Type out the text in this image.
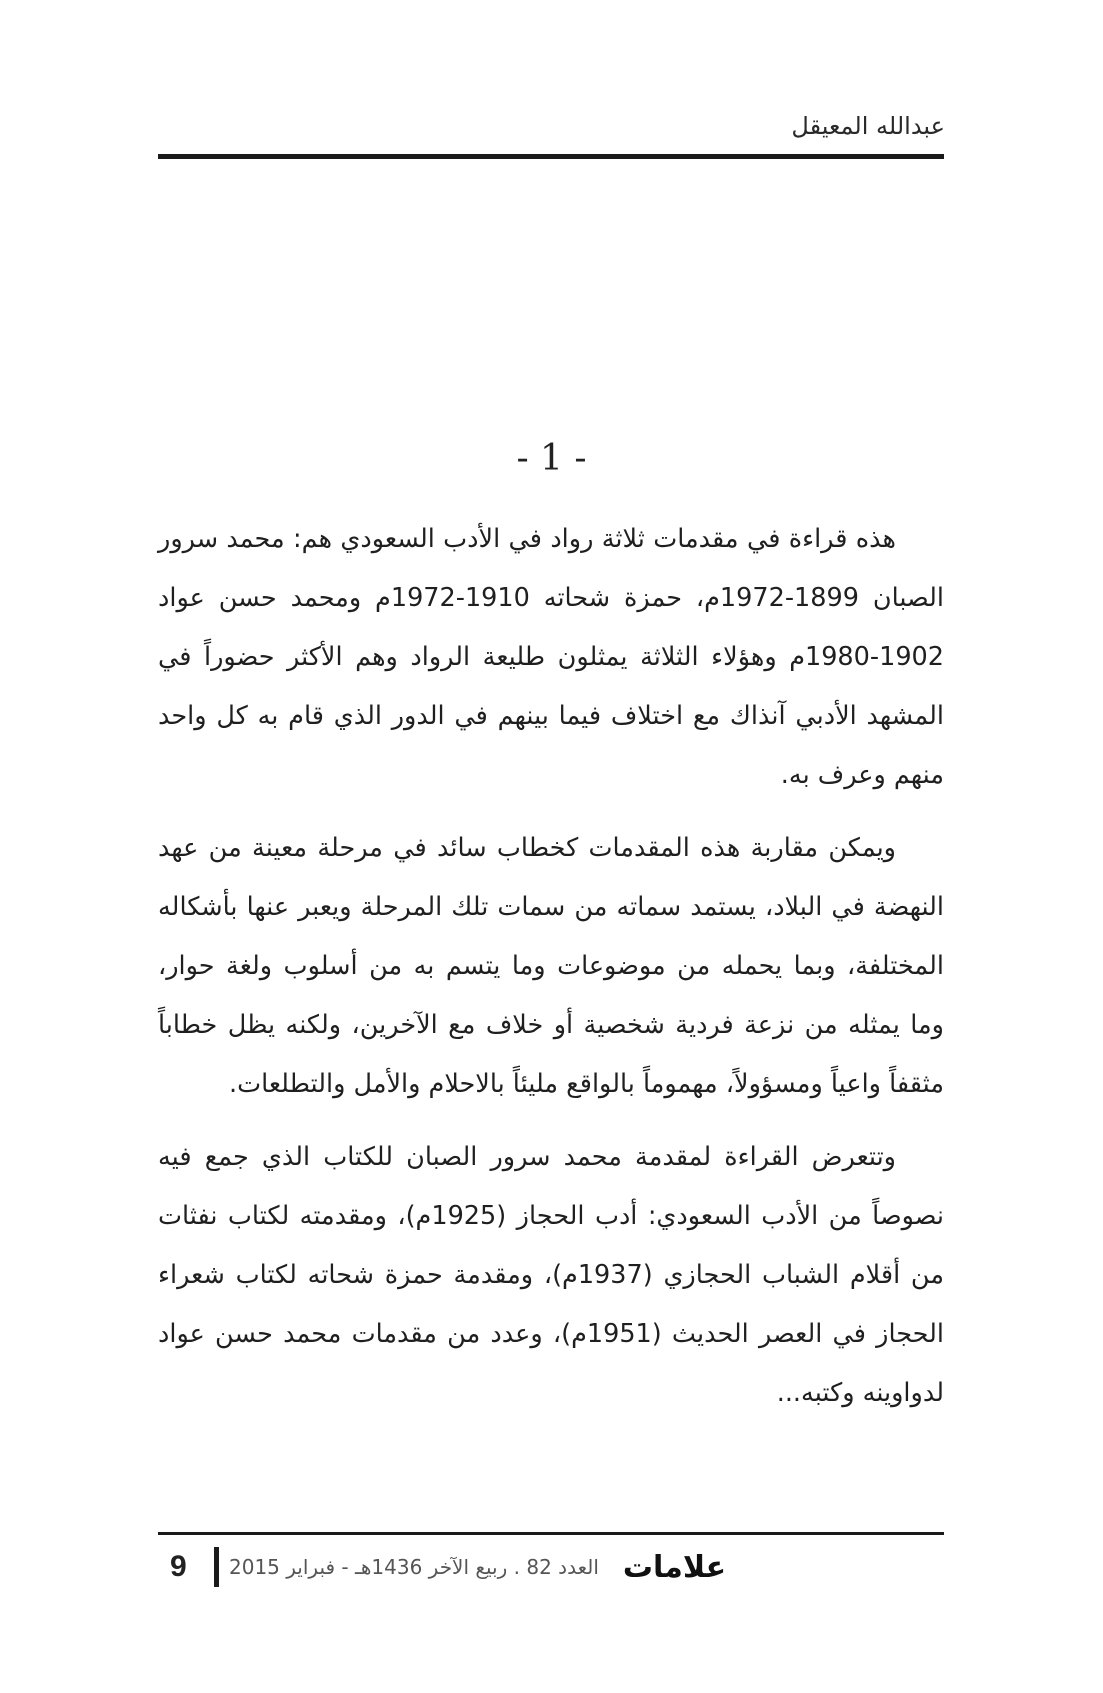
عبدالله المعيقل
- 1 -

هذه قراءة في مقدمات ثلاثة رواد في الأدب السعودي هم: محمد سرور الصبان 1899-1972م، حمزة شحاته 1910-1972م ومحمد حسن عواد 1902-1980م وهؤلاء الثلاثة يمثلون طليعة الرواد وهم الأكثر حضوراً في المشهد الأدبي آنذاك مع اختلاف فيما بينهم في الدور الذي قام به كل واحد منهم وعرف به.

ويمكن مقاربة هذه المقدمات كخطاب سائد في مرحلة معينة من عهد النهضة في البلاد، يستمد سماته من سمات تلك المرحلة ويعبر عنها بأشكاله المختلفة، وبما يحمله من موضوعات وما يتسم به من أسلوب ولغة حوار، وما يمثله من نزعة فردية شخصية أو خلاف مع الآخرين، ولكنه يظل خطاباً مثقفاً واعياً ومسؤولاً، مهموماً بالواقع مليئاً بالاحلام والأمل والتطلعات.

وتتعرض القراءة لمقدمة محمد سرور الصبان للكتاب الذي جمع فيه نصوصاً من الأدب السعودي: أدب الحجاز (1925م)، ومقدمته لكتاب نفثات من أقلام الشباب الحجازي (1937م)، ومقدمة حمزة شحاته لكتاب شعراء الحجاز في العصر الحديث (1951م)، وعدد من مقدمات محمد حسن عواد لدواوينه وكتبه...

9	العدد 82 . ربيع الآخر 1436هـ - فبراير 2015 علامات
